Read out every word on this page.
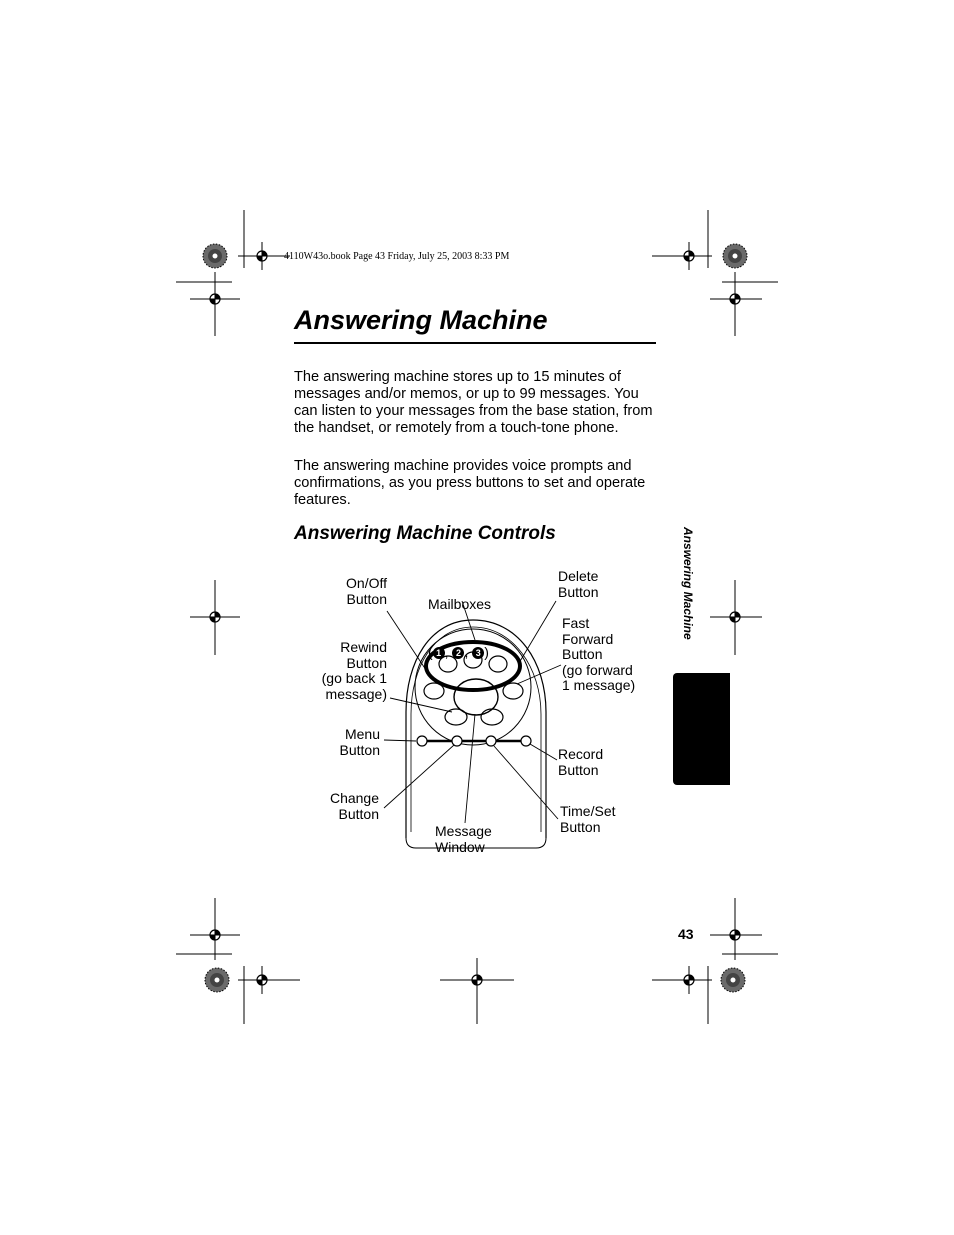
4110W43o.book Page 43 Friday, July 25, 2003 8:33 PM
Answering Machine

The answering machine stores up to 15 minutes of messages and/or memos, or up to 99 messages. You can listen to your messages from the base station, from the handset, or remotely from a touch-tone phone.

The answering machine provides voice prompts and confirmations, as you press buttons to set and operate features.

Answering Machine Controls
On/Off
Button

	Mailboxes

( 1 , 2 , 3 )

Delete
Button
Fast
Forward
Button
(go forward
1 message)
Rewind
Button
(go back 1
message)
Menu
Button	Record
Button
Change
Button	Time/Set
Button
Message
Window
Answering Machine
43
